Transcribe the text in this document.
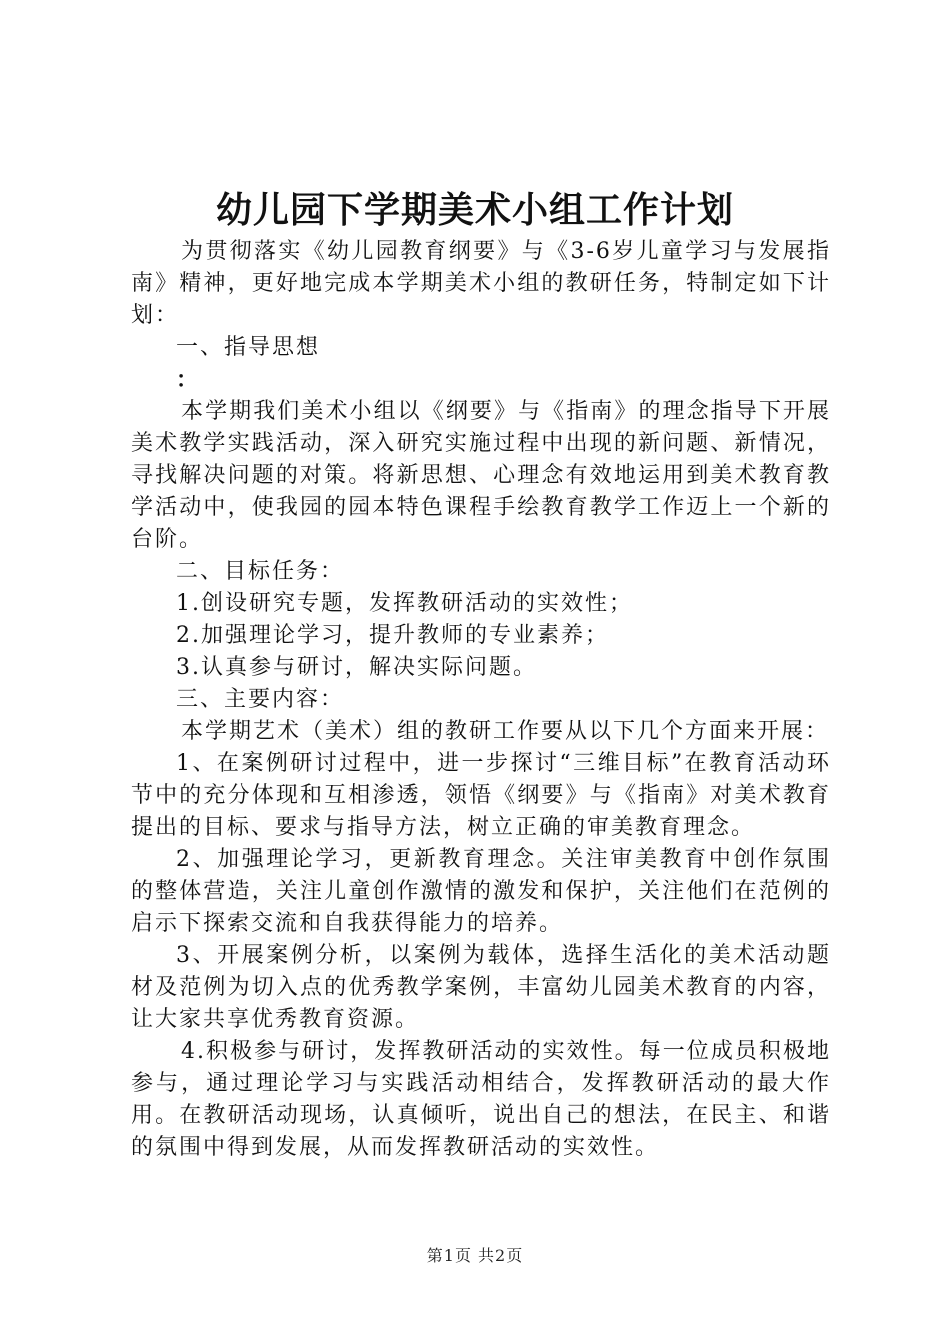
幼儿园下学期美术小组工作计划

为贯彻落实《幼儿园教育纲要》与《3-6岁儿童学习与发展指南》精神，更好地完成本学期美术小组的教研任务，特制定如下计划：

一、指导思想

：

本学期我们美术小组以《纲要》与《指南》的理念指导下开展美术教学实践活动，深入研究实施过程中出现的新问题、新情况，寻找解决问题的对策。将新思想、心理念有效地运用到美术教育教学活动中，使我园的园本特色课程手绘教育教学工作迈上一个新的台阶。

二、目标任务：

1.创设研究专题，发挥教研活动的实效性；

2.加强理论学习，提升教师的专业素养；

3.认真参与研讨，解决实际问题。

三、主要内容：

本学期艺术（美术）组的教研工作要从以下几个方面来开展：

1、在案例研讨过程中，进一步探讨“三维目标”在教育活动环节中的充分体现和互相渗透，领悟《纲要》与《指南》对美术教育提出的目标、要求与指导方法，树立正确的审美教育理念。

2、加强理论学习，更新教育理念。关注审美教育中创作氛围的整体营造，关注儿童创作激情的激发和保护，关注他们在范例的启示下探索交流和自我获得能力的培养。

3、开展案例分析，以案例为载体，选择生活化的美术活动题材及范例为切入点的优秀教学案例，丰富幼儿园美术教育的内容，让大家共享优秀教育资源。

4.积极参与研讨，发挥教研活动的实效性。每一位成员积极地参与，通过理论学习与实践活动相结合，发挥教研活动的最大作用。在教研活动现场，认真倾听，说出自己的想法，在民主、和谐的氛围中得到发展，从而发挥教研活动的实效性。

第1页 共2页
